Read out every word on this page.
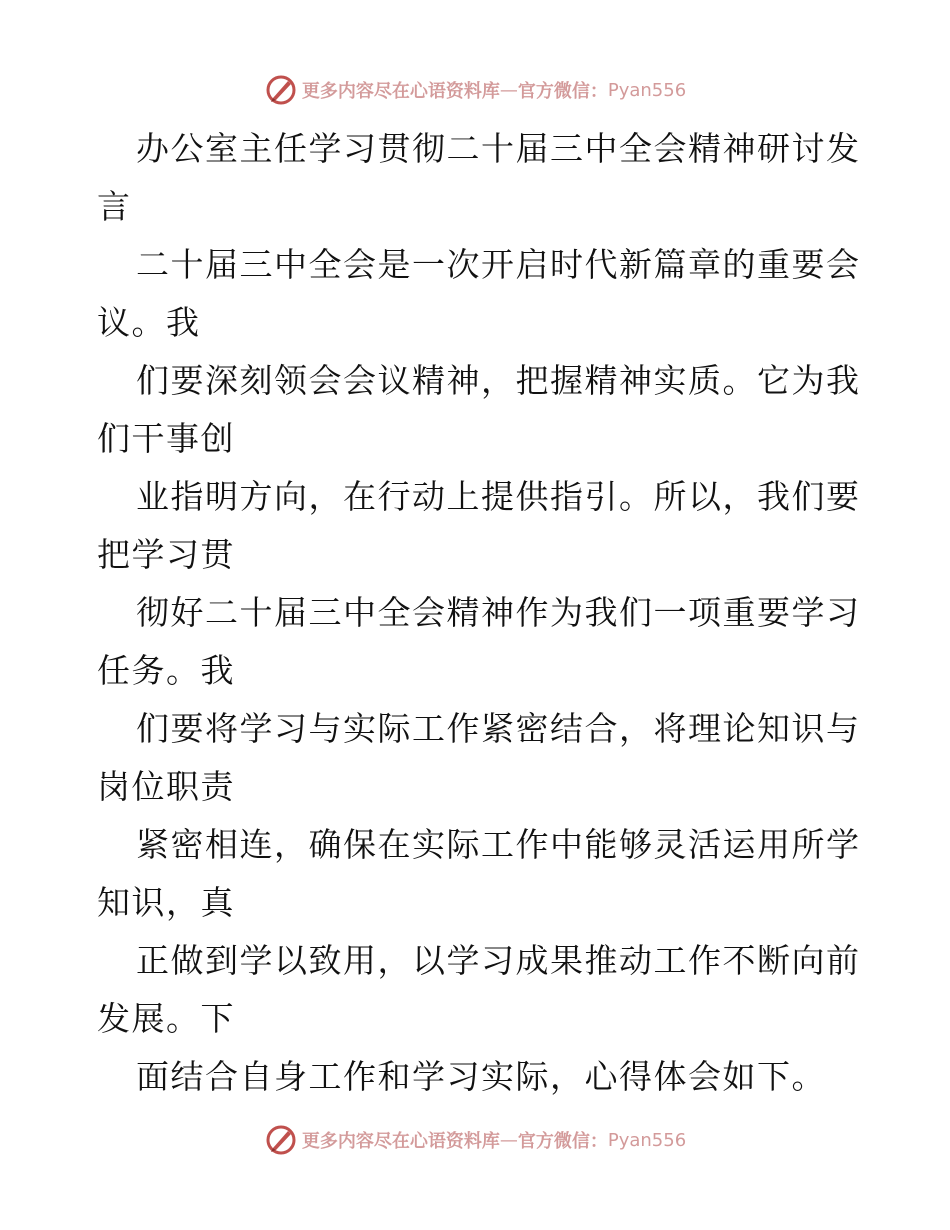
更多内容尽在心语资料库 — 官方微信： Pyan556
办公室主任学习贯彻二十届三中全会精神研讨发
言
二十届三中全会是一次开启时代新篇章的重要会
议。我
们要深刻领会会议精神，把握精神实质。它为我
们干事创
业指明方向，在行动上提供指引。所以，我们要
把学习贯
彻好二十届三中全会精神作为我们一项重要学习
任务。我
们要将学习与实际工作紧密结合，将理论知识与
岗位职责
紧密相连，确保在实际工作中能够灵活运用所学
知识，真
正做到学以致用，以学习成果推动工作不断向前
发展。下
面结合自身工作和学习实际，心得体会如下。
更多内容尽在心语资料库 — 官方微信： Pyan556
